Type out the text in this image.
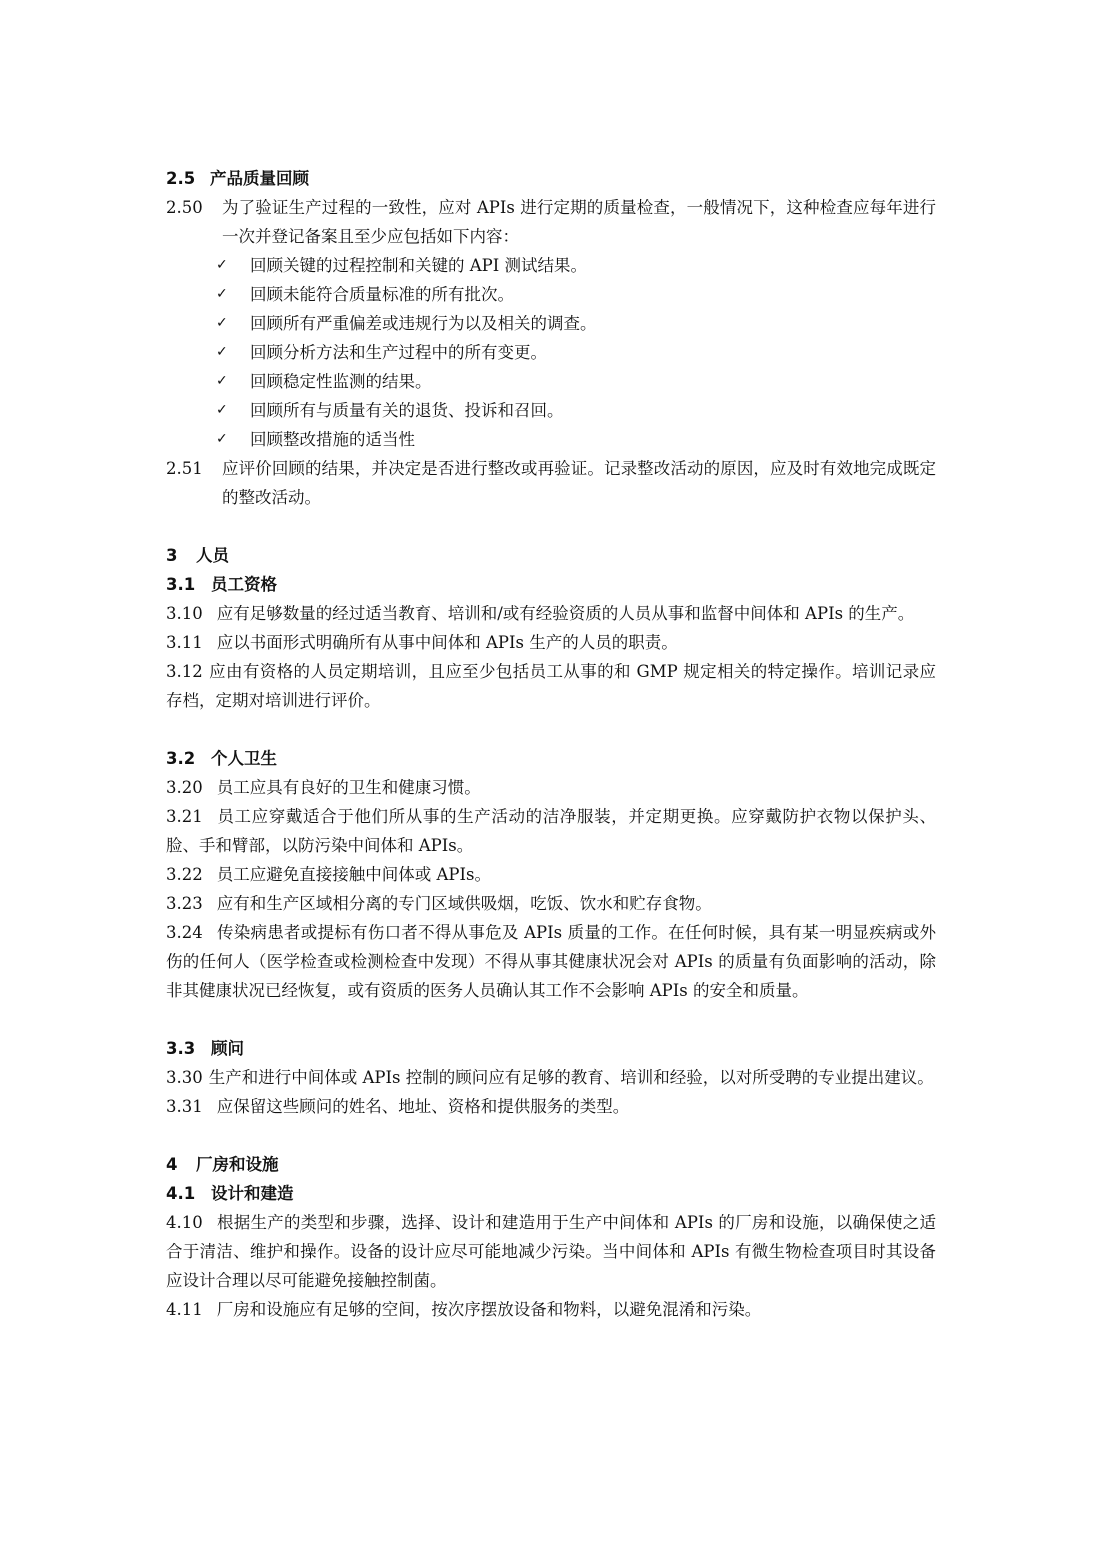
2.5 产品质量回顾
2.50	为了验证生产过程的一致性，应对 APIs 进行定期的质量检查，一般情况下，这种检查应每年进行一次并登记备案且至少应包括如下内容：
✓	回顾关键的过程控制和关键的 API 测试结果。
✓	回顾未能符合质量标准的所有批次。
✓	回顾所有严重偏差或违规行为以及相关的调查。
✓	回顾分析方法和生产过程中的所有变更。
✓	回顾稳定性监测的结果。
✓	回顾所有与质量有关的退货、投诉和召回。
✓	回顾整改措施的适当性
2.51	应评价回顾的结果，并决定是否进行整改或再验证。记录整改活动的原因，应及时有效地完成既定的整改活动。
3 人员
3.1 员工资格
3.10 应有足够数量的经过适当教育、培训和/或有经验资质的人员从事和监督中间体和 APIs 的生产。
3.11 应以书面形式明确所有从事中间体和 APIs 生产的人员的职责。
3.12 应由有资格的人员定期培训，且应至少包括员工从事的和 GMP 规定相关的特定操作。培训记录应存档，定期对培训进行评价。
3.2 个人卫生
3.20 员工应具有良好的卫生和健康习惯。
3.21 员工应穿戴适合于他们所从事的生产活动的洁净服装，并定期更换。应穿戴防护衣物以保护头、脸、手和臂部，以防污染中间体和 APIs。
3.22 员工应避免直接接触中间体或 APIs。
3.23 应有和生产区域相分离的专门区域供吸烟，吃饭、饮水和贮存食物。
3.24 传染病患者或提标有伤口者不得从事危及 APIs 质量的工作。在任何时候，具有某一明显疾病或外伤的任何人（医学检查或检测检查中发现）不得从事其健康状况会对 APIs 的质量有负面影响的活动，除非其健康状况已经恢复，或有资质的医务人员确认其工作不会影响 APIs 的安全和质量。
3.3 顾问
3.30 生产和进行中间体或 APIs 控制的顾问应有足够的教育、培训和经验，以对所受聘的专业提出建议。
3.31 应保留这些顾问的姓名、地址、资格和提供服务的类型。
4 厂房和设施
4.1 设计和建造
4.10 根据生产的类型和步骤，选择、设计和建造用于生产中间体和 APIs 的厂房和设施，以确保使之适合于清洁、维护和操作。设备的设计应尽可能地减少污染。当中间体和 APIs 有微生物检查项目时其设备应设计合理以尽可能避免接触控制菌。
4.11 厂房和设施应有足够的空间，按次序摆放设备和物料，以避免混淆和污染。
